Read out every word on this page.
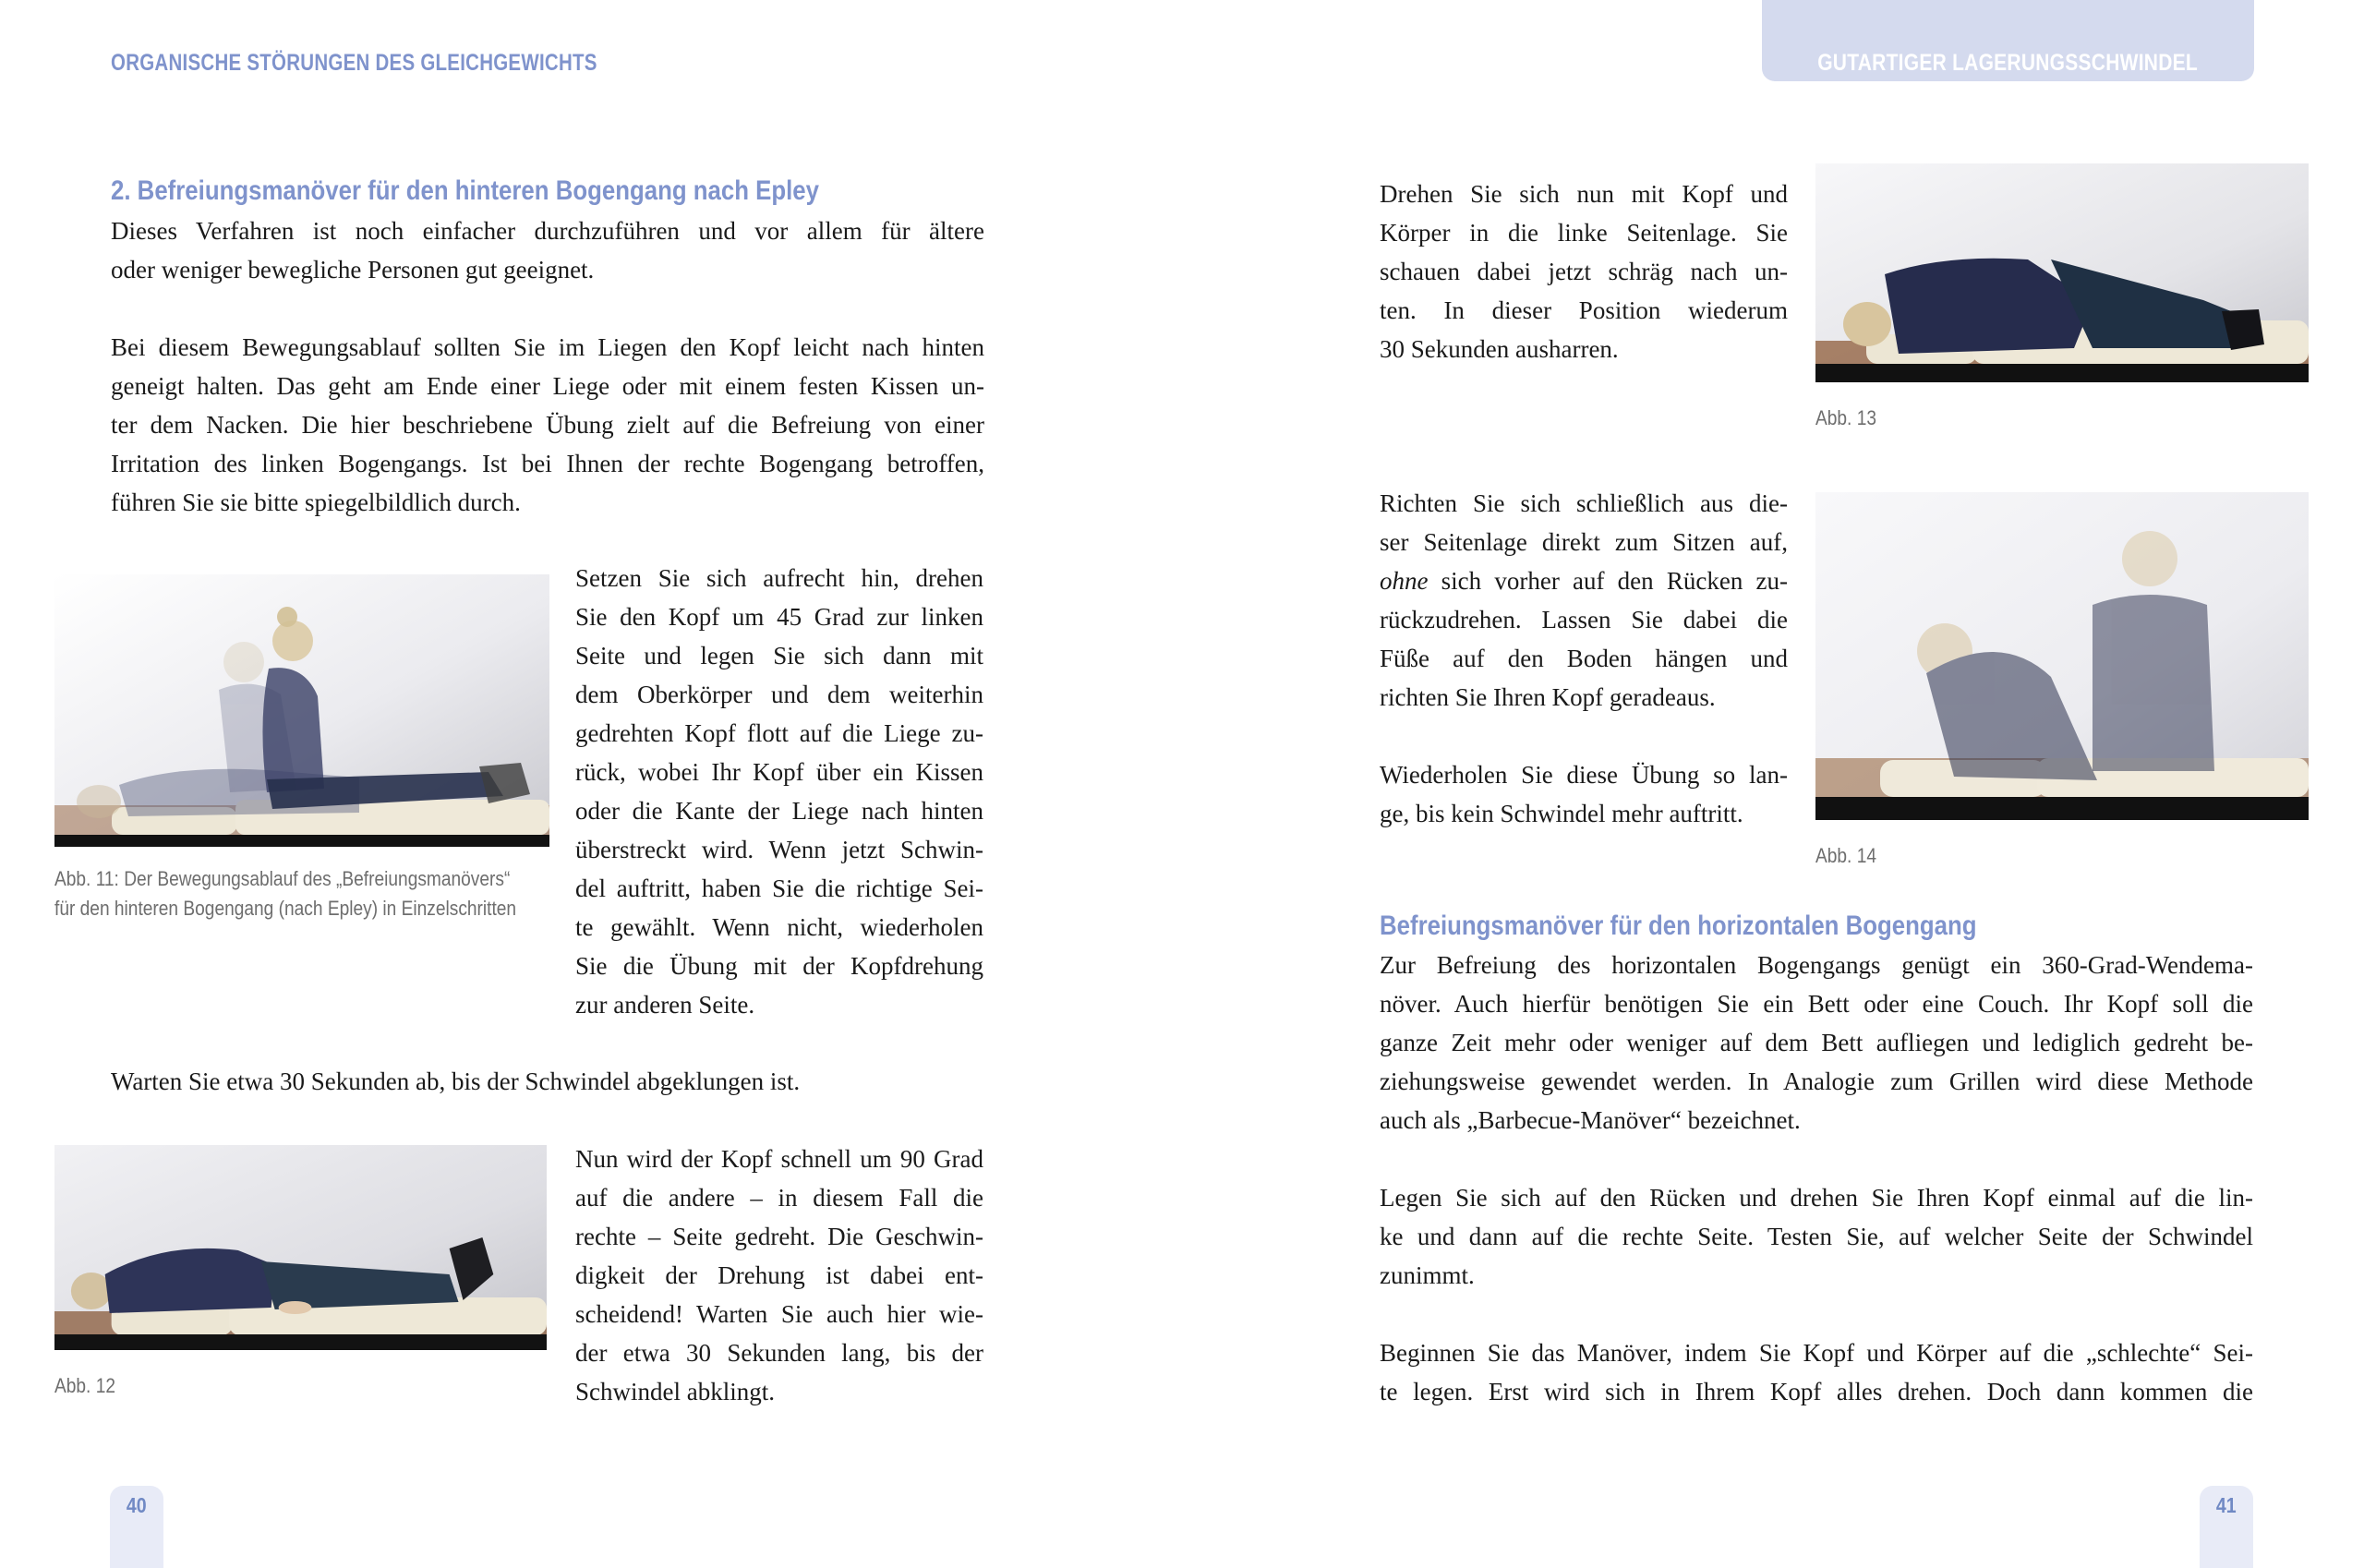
ORGANISCHE STÖRUNGEN DES GLEICHGEWICHTS
2. Befreiungsmanöver für den hinteren Bogengang nach Epley
Dieses Verfahren ist noch einfacher durchzuführen und vor allem für ältere
oder weniger bewegliche Personen gut geeignet.
Bei diesem Bewegungsablauf sollten Sie im Liegen den Kopf leicht nach hinten
geneigt halten. Das geht am Ende einer Liege oder mit einem festen Kissen un-
ter dem Nacken. Die hier beschriebene Übung zielt auf die Befreiung von einer
Irritation des linken Bogengangs. Ist bei Ihnen der rechte Bogengang betroffen,
führen Sie sie bitte spiegelbildlich durch.
Abb. 11: Der Bewegungsablauf des „Befreiungsmanövers“
für den hinteren Bogengang (nach Epley) in Einzelschritten
Setzen Sie sich aufrecht hin, drehen
Sie den Kopf um 45 Grad zur linken
Seite und legen Sie sich dann mit
dem Oberkörper und dem weiterhin
gedrehten Kopf flott auf die Liege zu-
rück, wobei Ihr Kopf über ein Kissen
oder die Kante der Liege nach hinten
überstreckt wird. Wenn jetzt Schwin-
del auftritt, haben Sie die richtige Sei-
te gewählt. Wenn nicht, wiederholen
Sie die Übung mit der Kopfdrehung
zur anderen Seite.
Warten Sie etwa 30 Sekunden ab, bis der Schwindel abgeklungen ist.
Abb. 12
Nun wird der Kopf schnell um 90 Grad
auf die andere – in diesem Fall die
rechte – Seite gedreht. Die Geschwin-
digkeit der Drehung ist dabei ent-
scheidend! Warten Sie auch hier wie-
der etwa 30 Sekunden lang, bis der
Schwindel abklingt.
40
GUTARTIGER LAGERUNGSSCHWINDEL
Drehen Sie sich nun mit Kopf und
Körper in die linke Seitenlage. Sie
schauen dabei jetzt schräg nach un-
ten. In dieser Position wiederum
30 Sekunden ausharren.
Abb. 13
Richten Sie sich schließlich aus die-
ser Seitenlage direkt zum Sitzen auf,
ohne sich vorher auf den Rücken zu-
rückzudrehen. Lassen Sie dabei die
Füße auf den Boden hängen und
richten Sie Ihren Kopf geradeaus.
Wiederholen Sie diese Übung so lan-
ge, bis kein Schwindel mehr auftritt.
Abb. 14
Befreiungsmanöver für den horizontalen Bogengang
Zur Befreiung des horizontalen Bogengangs genügt ein 360-Grad-Wendema-
növer. Auch hierfür benötigen Sie ein Bett oder eine Couch. Ihr Kopf soll die
ganze Zeit mehr oder weniger auf dem Bett aufliegen und lediglich gedreht be-
ziehungsweise gewendet werden. In Analogie zum Grillen wird diese Methode
auch als „Barbecue-Manöver“ bezeichnet.
Legen Sie sich auf den Rücken und drehen Sie Ihren Kopf einmal auf die lin-
ke und dann auf die rechte Seite. Testen Sie, auf welcher Seite der Schwindel
zunimmt.
Beginnen Sie das Manöver, indem Sie Kopf und Körper auf die „schlechte“ Sei-
te legen. Erst wird sich in Ihrem Kopf alles drehen. Doch dann kommen die
41
